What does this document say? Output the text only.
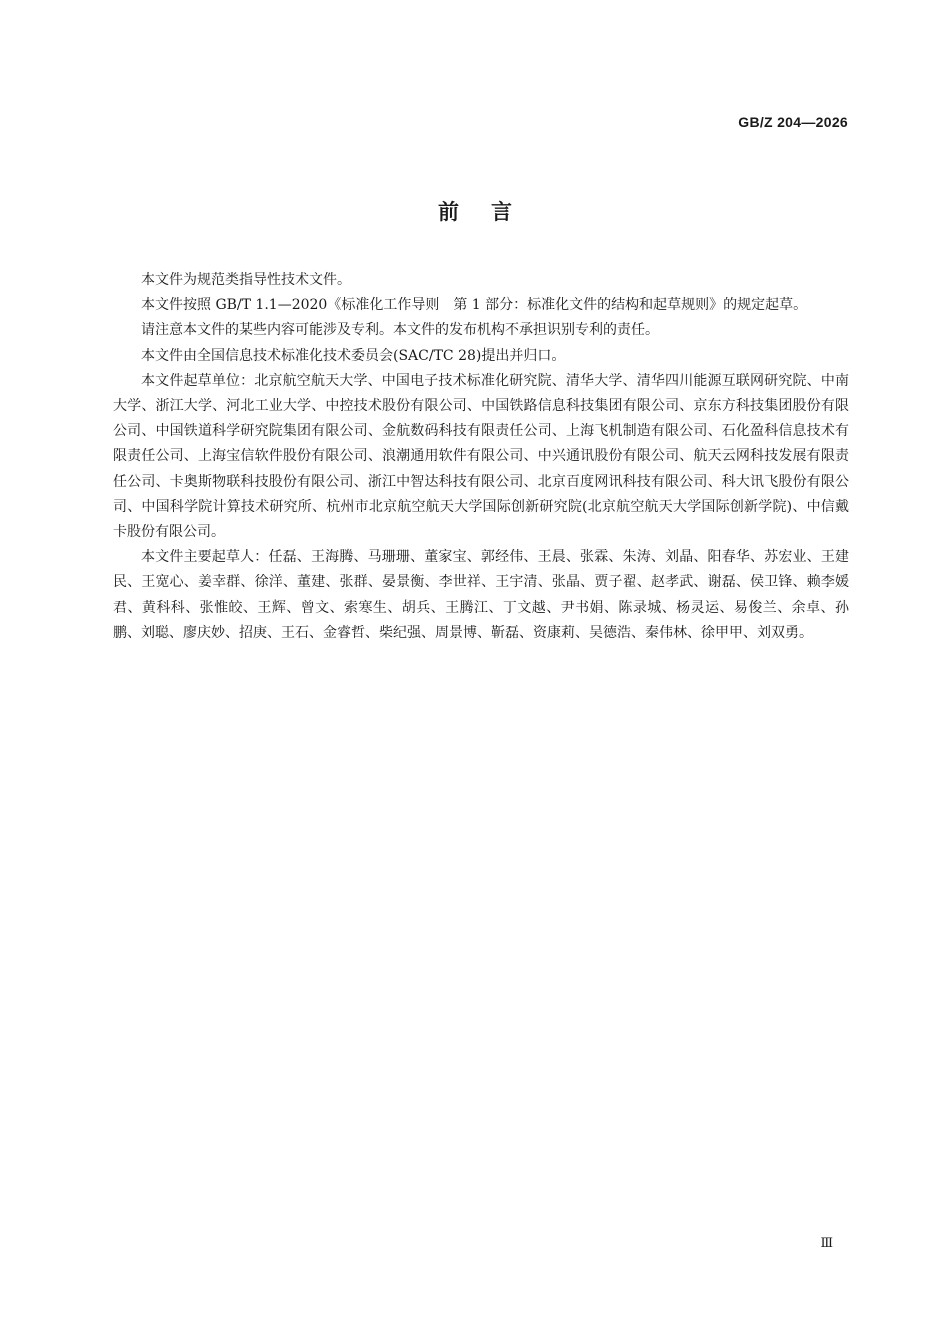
GB/Z 204—2026
前言

本文件为规范类指导性技术文件。

本文件按照 GB/T 1.1—2020《标准化工作导则　第 1 部分：标准化文件的结构和起草规则》的规定起草。

请注意本文件的某些内容可能涉及专利。本文件的发布机构不承担识别专利的责任。

本文件由全国信息技术标准化技术委员会(SAC/TC 28)提出并归口。

本文件起草单位：北京航空航天大学、中国电子技术标准化研究院、清华大学、清华四川能源互联网研究院、中南大学、浙江大学、河北工业大学、中控技术股份有限公司、中国铁路信息科技集团有限公司、京东方科技集团股份有限公司、中国铁道科学研究院集团有限公司、金航数码科技有限责任公司、上海飞机制造有限公司、石化盈科信息技术有限责任公司、上海宝信软件股份有限公司、浪潮通用软件有限公司、中兴通讯股份有限公司、航天云网科技发展有限责任公司、卡奥斯物联科技股份有限公司、浙江中智达科技有限公司、北京百度网讯科技有限公司、科大讯飞股份有限公司、中国科学院计算技术研究所、杭州市北京航空航天大学国际创新研究院(北京航空航天大学国际创新学院)、中信戴卡股份有限公司。

本文件主要起草人：任磊、王海腾、马珊珊、董家宝、郭经伟、王晨、张霖、朱涛、刘晶、阳春华、苏宏业、王建民、王宽心、姜幸群、徐洋、董建、张群、晏景衡、李世祥、王宇清、张晶、贾子翟、赵孝武、谢磊、侯卫锋、赖李媛君、黄科科、张惟皎、王辉、曾文、索寒生、胡兵、王腾江、丁文越、尹书娟、陈录城、杨灵运、易俊兰、余卓、孙鹏、刘聪、廖庆妙、招庚、王石、金睿哲、柴纪强、周景博、靳磊、资康莉、吴德浩、秦伟林、徐甲甲、刘双勇。

Ⅲ
